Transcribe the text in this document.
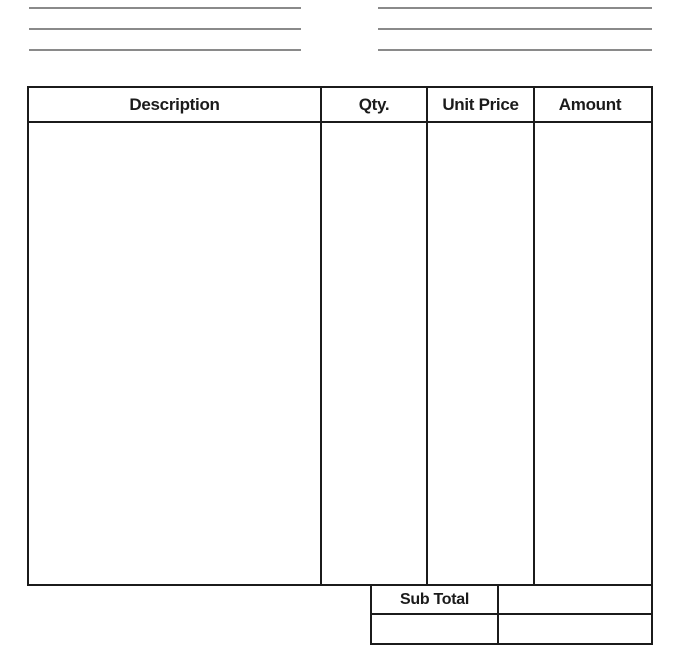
Description	Qty.	Unit Price Amount
Sub Total
